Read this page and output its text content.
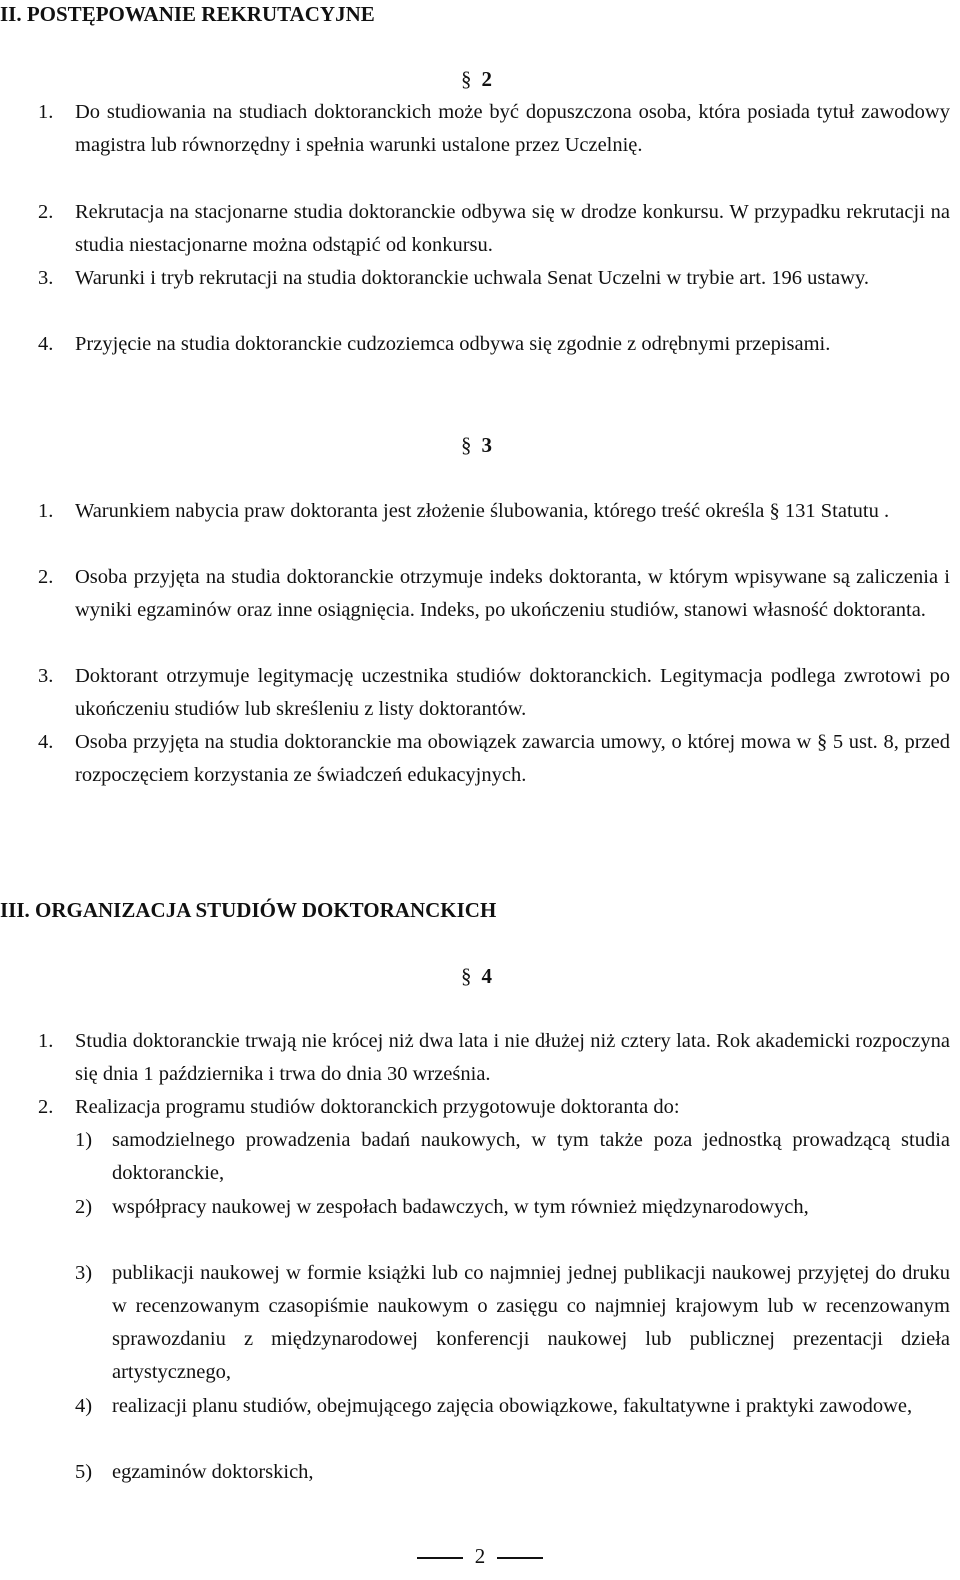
II. POSTĘPOWANIE REKRUTACYJNE
§ 2
1. Do studiowania na studiach doktoranckich może być dopuszczona osoba, która posiada tytuł zawodowy magistra lub równorzędny i spełnia warunki ustalone przez Uczelnię.
2. Rekrutacja na stacjonarne studia doktoranckie odbywa się w drodze konkursu. W przypadku rekrutacji na studia niestacjonarne można odstąpić od konkursu.
3. Warunki i tryb rekrutacji na studia doktoranckie uchwala Senat Uczelni w trybie art. 196 ustawy.
4. Przyjęcie na studia doktoranckie cudzoziemca odbywa się zgodnie z odrębnymi przepisami.
§ 3
1. Warunkiem nabycia praw doktoranta jest złożenie ślubowania, którego treść określa § 131 Statutu .
2. Osoba przyjęta na studia doktoranckie otrzymuje indeks doktoranta, w którym wpisywane są zaliczenia i wyniki egzaminów oraz inne osiągnięcia. Indeks, po ukończeniu studiów, stanowi własność doktoranta.
3. Doktorant otrzymuje legitymację uczestnika studiów doktoranckich. Legitymacja podlega zwrotowi po ukończeniu studiów lub skreśleniu z listy doktorantów.
4. Osoba przyjęta na studia doktoranckie ma obowiązek zawarcia umowy, o której mowa w § 5 ust. 8, przed rozpoczęciem korzystania ze świadczeń edukacyjnych.
III. ORGANIZACJA STUDIÓW DOKTORANCKICH
§ 4
1. Studia doktoranckie trwają nie krócej niż dwa lata i nie dłużej niż cztery lata. Rok akademicki rozpoczyna się dnia 1 października i trwa do dnia 30 września.
2. Realizacja programu studiów doktoranckich przygotowuje doktoranta do:
1) samodzielnego prowadzenia badań naukowych, w tym także poza jednostką prowadzącą studia doktoranckie,
2) współpracy naukowej w zespołach badawczych, w tym również międzynarodowych,
3) publikacji naukowej w formie książki lub co najmniej jednej publikacji naukowej przyjętej do druku w recenzowanym czasopiśmie naukowym o zasięgu co najmniej krajowym lub w recenzowanym sprawozdaniu z międzynarodowej konferencji naukowej lub publicznej prezentacji dzieła artystycznego,
4) realizacji planu studiów, obejmującego zajęcia obowiązkowe, fakultatywne i praktyki zawodowe,
5) egzaminów doktorskich,
2
